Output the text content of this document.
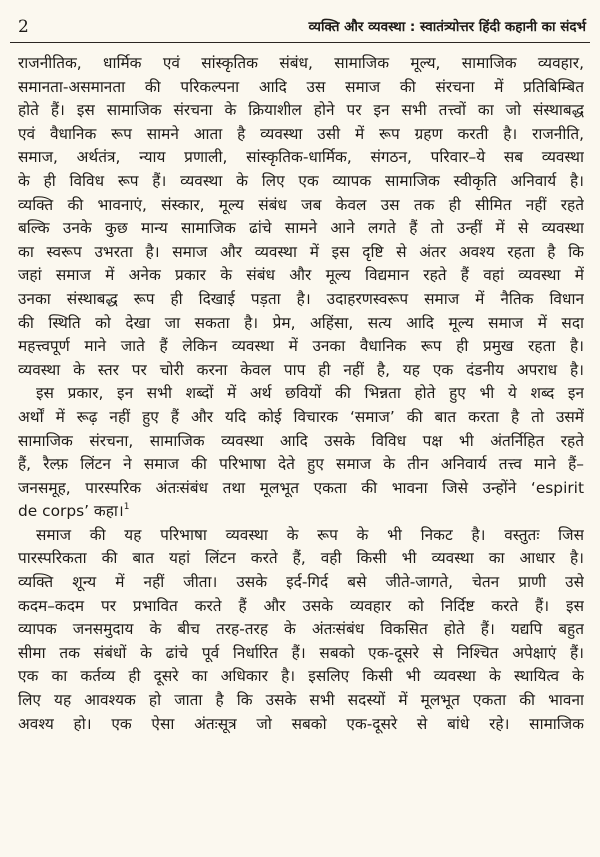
2	व्यक्ति और व्यवस्था : स्वातंत्र्योत्तर हिंदी कहानी का संदर्भ
राजनीतिक, धार्मिक एवं सांस्कृतिक संबंध, सामाजिक मूल्य, सामाजिक व्यवहार,
समानता-असमानता की परिकल्पना आदि उस समाज की संरचना में प्रतिबिम्बित
होते हैं। इस सामाजिक संरचना के क्रियाशील होने पर इन सभी तत्त्वों का जो संस्थाबद्ध
एवं वैधानिक रूप सामने आता है व्यवस्था उसी में रूप ग्रहण करती है। राजनीति,
समाज, अर्थतंत्र, न्याय प्रणाली, सांस्कृतिक-धार्मिक, संगठन, परिवार–ये सब व्यवस्था
के ही विविध रूप हैं। व्यवस्था के लिए एक व्यापक सामाजिक स्वीकृति अनिवार्य है।
व्यक्ति की भावनाएं, संस्कार, मूल्य संबंध जब केवल उस तक ही सीमित नहीं रहते
बल्कि उनके कुछ मान्य सामाजिक ढांचे सामने आने लगते हैं तो उन्हीं में से व्यवस्था
का स्वरूप उभरता है। समाज और व्यवस्था में इस दृष्टि से अंतर अवश्य रहता है कि
जहां समाज में अनेक प्रकार के संबंध और मूल्य विद्यमान रहते हैं वहां व्यवस्था में
उनका संस्थाबद्ध रूप ही दिखाई पड़ता है। उदाहरणस्वरूप समाज में नैतिक विधान
की स्थिति को देखा जा सकता है। प्रेम, अहिंसा, सत्य आदि मूल्य समाज में सदा
महत्त्वपूर्ण माने जाते हैं लेकिन व्यवस्था में उनका वैधानिक रूप ही प्रमुख रहता है।
व्यवस्था के स्तर पर चोरी करना केवल पाप ही नहीं है, यह एक दंडनीय अपराध है।
इस प्रकार, इन सभी शब्दों में अर्थ छवियों की भिन्नता होते हुए भी ये शब्द इन
अर्थों में रूढ़ नहीं हुए हैं और यदि कोई विचारक ‘समाज’ की बात करता है तो उसमें
सामाजिक संरचना, सामाजिक व्यवस्था आदि उसके विविध पक्ष भी अंतर्निहित रहते
हैं, रैल्फ़ लिंटन ने समाज की परिभाषा देते हुए समाज के तीन अनिवार्य तत्त्व माने हैं–
जनसमूह, पारस्परिक अंतःसंबंध तथा मूलभूत एकता की भावना जिसे उन्होंने ‘espirit
de corps’ कहा।$^1$
समाज की यह परिभाषा व्यवस्था के रूप के भी निकट है। वस्तुतः जिस
पारस्परिकता की बात यहां लिंटन करते हैं, वही किसी भी व्यवस्था का आधार है।
व्यक्ति शून्य में नहीं जीता। उसके इर्द-गिर्द बसे जीते-जागते, चेतन प्राणी उसे
कदम–कदम पर प्रभावित करते हैं और उसके व्यवहार को निर्दिष्ट करते हैं। इस
व्यापक जनसमुदाय के बीच तरह-तरह के अंतःसंबंध विकसित होते हैं। यद्यपि बहुत
सीमा तक संबंधों के ढांचे पूर्व निर्धारित हैं। सबको एक-दूसरे से निश्चित अपेक्षाएं हैं।
एक का कर्तव्य ही दूसरे का अधिकार है। इसलिए किसी भी व्यवस्था के स्थायित्व के
लिए यह आवश्यक हो जाता है कि उसके सभी सदस्यों में मूलभूत एकता की भावना
अवश्य हो। एक ऐसा अंतःसूत्र जो सबको एक-दूसरे से बांधे रहे। सामाजिक
